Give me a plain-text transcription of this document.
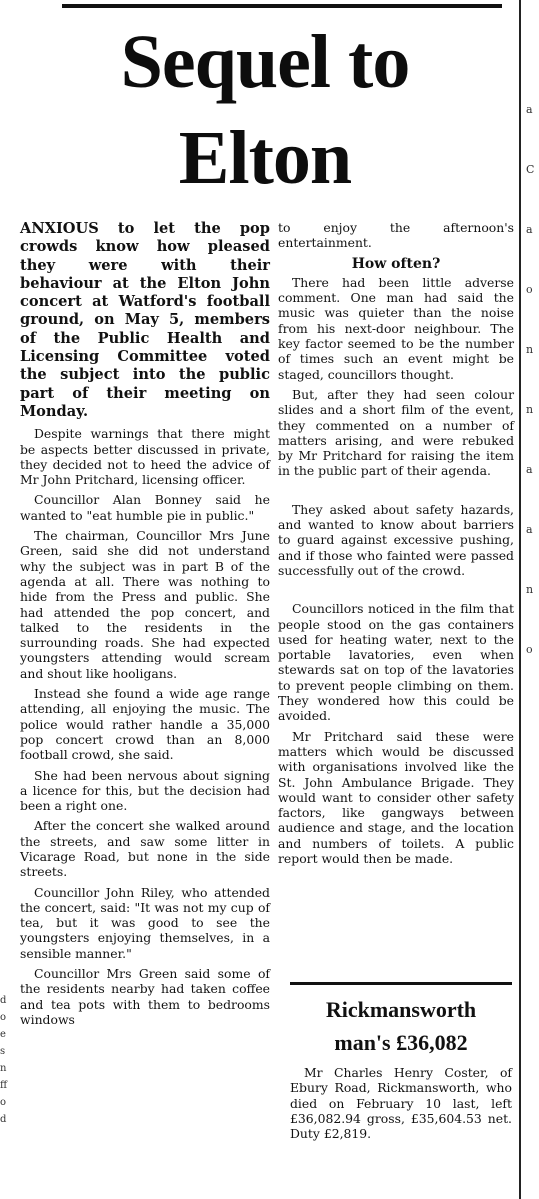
a
C
a
o
n
n
a
a
n
o
d
o
e
s
n
ff
o
d
Sequel to
Elton

ANXIOUS to let the pop crowds know how pleased they were with their behaviour at the Elton John concert at Watford's football ground, on May 5, members of the Public Health and Licensing Committee voted the subject into the public part of their meeting on Monday.

Despite warnings that there might be aspects better discussed in private, they decided not to heed the advice of Mr John Pritchard, licensing officer.

Councillor Alan Bonney said he wanted to "eat humble pie in public."

The chairman, Councillor Mrs June Green, said she did not understand why the subject was in part B of the agenda at all. There was nothing to hide from the Press and public. She had attended the pop concert, and talked to the residents in the surrounding roads. She had expected youngsters attending would scream and shout like hooligans.

Instead she found a wide age range attending, all enjoying the music. The police would rather handle a 35,000 pop concert crowd than an 8,000 football crowd, she said.

She had been nervous about signing a licence for this, but the decision had been a right one.

After the concert she walked around the streets, and saw some litter in Vicarage Road, but none in the side streets.

Councillor John Riley, who attended the concert, said: "It was not my cup of tea, but it was good to see the youngsters enjoying themselves, in a sensible manner."

Councillor Mrs Green said some of the residents nearby had taken coffee and tea pots with them to bedrooms windows

to enjoy the afternoon's entertainment.

How often?

There had been little adverse comment. One man had said the music was quieter than the noise from his next-door neighbour. The key factor seemed to be the number of times such an event might be staged, councillors thought.

But, after they had seen colour slides and a short film of the event, they commented on a number of matters arising, and were rebuked by Mr Pritchard for raising the item in the public part of their agenda.

They asked about safety hazards, and wanted to know about barriers to guard against excessive pushing, and if those who fainted were passed successfully out of the crowd.

Councillors noticed in the film that people stood on the gas containers used for heating water, next to the portable lavatories, even when stewards sat on top of the lavatories to prevent people climbing on them. They wondered how this could be avoided.

Mr Pritchard said these were matters which would be discussed with organisations involved like the St. John Ambulance Brigade. They would want to consider other safety factors, like gangways between audience and stage, and the location and numbers of toilets. A public report would then be made.

Rickmansworth
man's £36,082

Mr Charles Henry Coster, of Ebury Road, Rickmansworth, who died on February 10 last, left £36,082.94 gross, £35,604.53 net. Duty £2,819.
